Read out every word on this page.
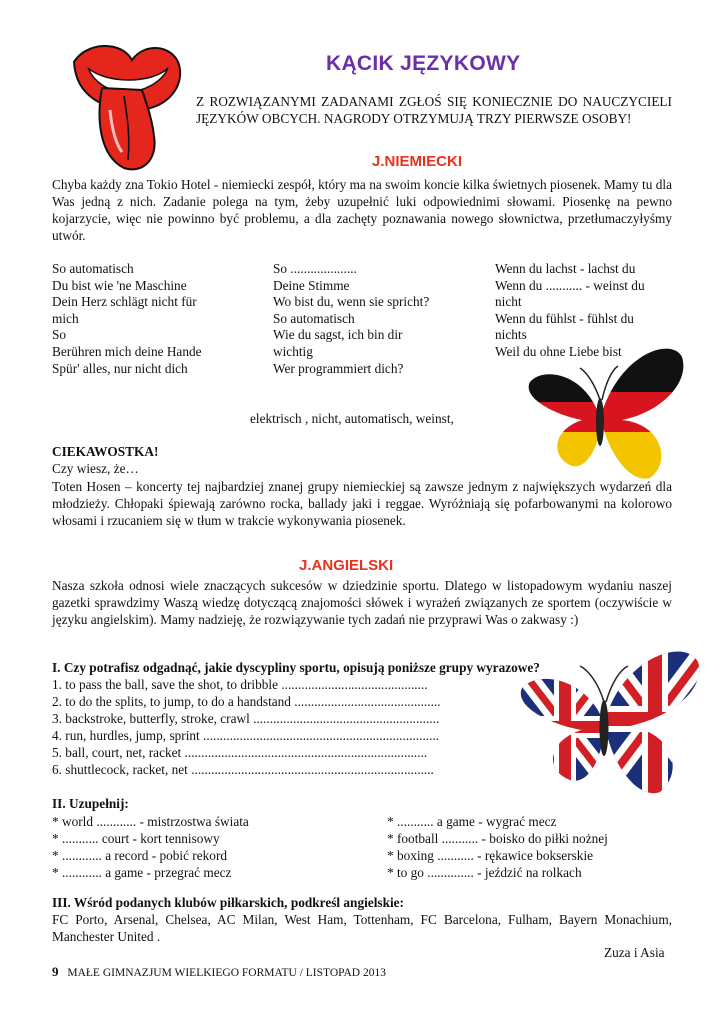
KĄCIK JĘZYKOWY
Z ROZWIĄZANYMI ZADANAMI ZGŁOŚ SIĘ KONIECZNIE DO NAUCZYCIELI JĘZYKÓW OBCYCH. NAGRODY OTRZYMUJĄ TRZY PIERWSZE OSOBY!
J.NIEMIECKI
Chyba każdy zna Tokio Hotel - niemiecki zespół, który ma na swoim koncie kilka świetnych piosenek. Mamy tu dla Was jedną z nich. Zadanie polega na tym, żeby uzupełnić luki odpowiednimi słowami. Piosenkę na pewno kojarzycie, więc nie powinno być problemu, a dla zachęty poznawania nowego słownictwa, przetłumaczyłyśmy utwór.
So automatisch
Du bist wie 'ne Maschine
Dein Herz schlägt nicht für
mich
So
Berühren mich deine Hande
Spür' alles, nur nicht dich
So ....................
Deine Stimme
Wo bist du, wenn sie spricht?
So automatisch
Wie du sagst, ich bin dir
wichtig
Wer programmiert dich?
Wenn du lachst - lachst du
Wenn du ........... - weinst du
nicht
Wenn du fühlst - fühlst du
nichts
Weil du ohne Liebe bist
elektrisch , nicht, automatisch, weinst,
CIEKAWOSTKA!
Czy wiesz, że…
Toten Hosen – koncerty tej najbardziej znanej grupy niemieckiej są zawsze jednym z największych wydarzeń dla młodzieży. Chłopaki śpiewają zarówno rocka, ballady jaki i reggae. Wyróżniają się pofarbowanymi na kolorowo włosami i rzucaniem się w tłum w trakcie wykonywania piosenek.
J.ANGIELSKI
Nasza szkoła odnosi wiele znaczących sukcesów w dziedzinie sportu. Dlatego w listopadowym wydaniu naszej gazetki sprawdzimy Waszą wiedzę dotyczącą znajomości słówek i wyrażeń związanych ze sportem (oczywiście w języku angielskim). Mamy nadzieję, że rozwiązywanie tych zadań nie przyprawi Was o zakwasy :)
I. Czy potrafisz odgadnąć, jakie dyscypliny sportu, opisują poniższe grupy wyrazowe?
1. to pass the ball, save the shot, to dribble ............................................
2. to do the splits, to jump, to do a handstand ............................................
3. backstroke, butterfly, stroke, crawl ........................................................
4. run, hurdles, jump, sprint .......................................................................
5. ball, court, net, racket .........................................................................
6. shuttlecock, racket, net .........................................................................
II. Uzupełnij:
* world ............ - mistrzostwa świata
* ........... court - kort tennisowy
* ............ a record - pobić rekord
* ............ a game - przegrać mecz
* ........... a game - wygrać mecz
* football ........... - boisko do piłki nożnej
* boxing ........... - rękawice bokserskie
* to go .............. - jeździć na rolkach
III. Wśród podanych klubów piłkarskich, podkreśl angielskie:
FC Porto, Arsenal, Chelsea, AC Milan, West Ham, Tottenham, FC Barcelona, Fulham, Bayern Monachium, Manchester United .
Zuza i Asia
9 MAŁE GIMNAZJUM WIELKIEGO FORMATU / LISTOPAD 2013
